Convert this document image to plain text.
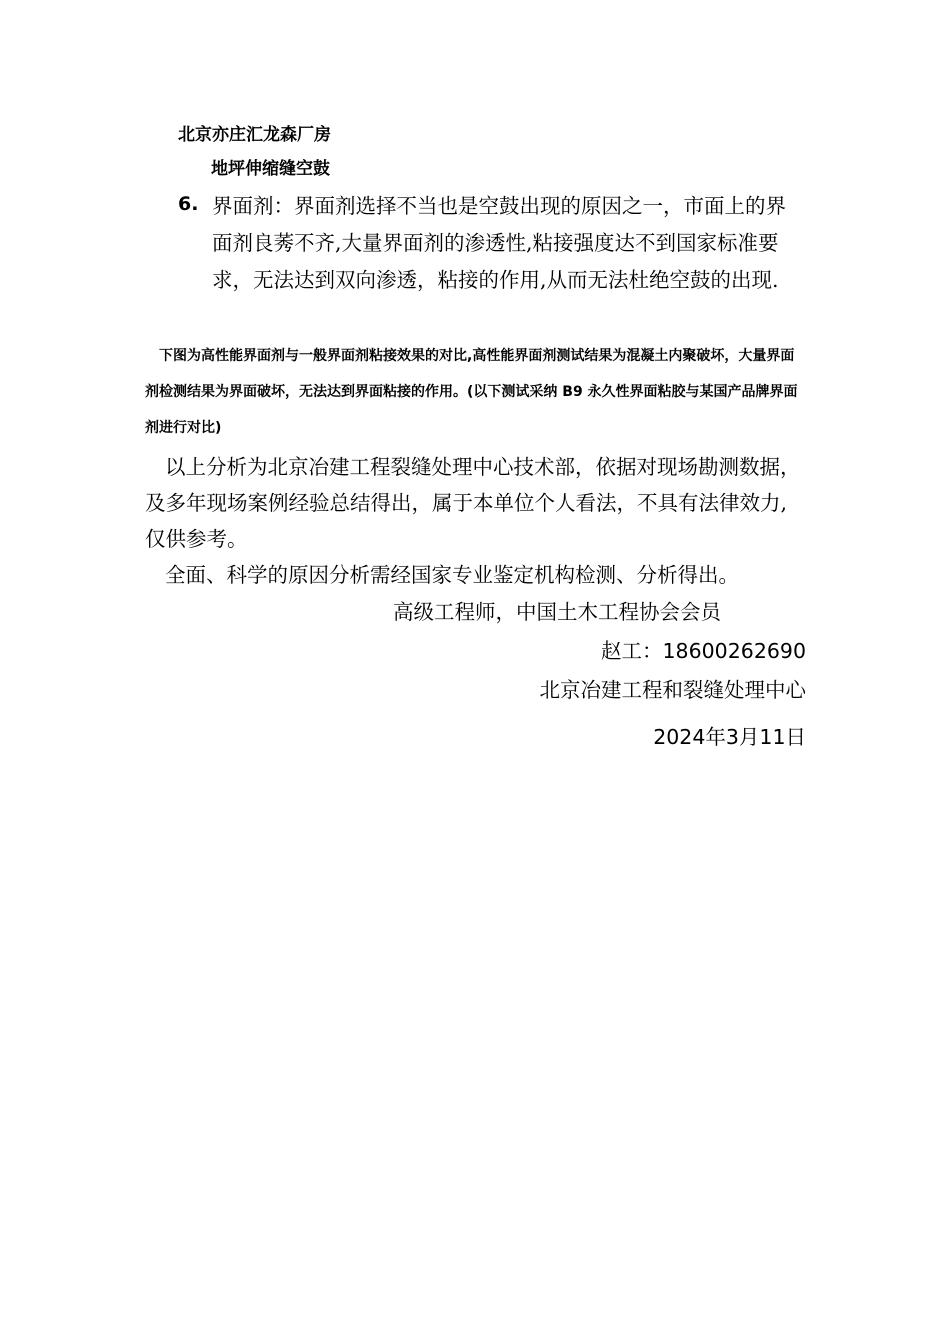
北京亦庄汇龙森厂房
地坪伸缩缝空鼓
6. 界面剂：界面剂选择不当也是空鼓出现的原因之一，市面上的界面剂良莠不齐,大量界面剂的渗透性,粘接强度达不到国家标准要求，无法达到双向渗透，粘接的作用,从而无法杜绝空鼓的出现.

下图为高性能界面剂与一般界面剂粘接效果的对比,高性能界面剂测试结果为混凝土内聚破坏，大量界面剂检测结果为界面破坏，无法达到界面粘接的作用。(以下测试采纳 B9 永久性界面粘胶与某国产品牌界面剂进行对比)

以上分析为北京冶建工程裂缝处理中心技术部，依据对现场勘测数据，及多年现场案例经验总结得出，属于本单位个人看法，不具有法律效力,仅供参考。

全面、科学的原因分析需经国家专业鉴定机构检测、分析得出。

高级工程师，中国土木工程协会会员
赵工：18600262690
北京冶建工程和裂缝处理中心
2024年3月11日
